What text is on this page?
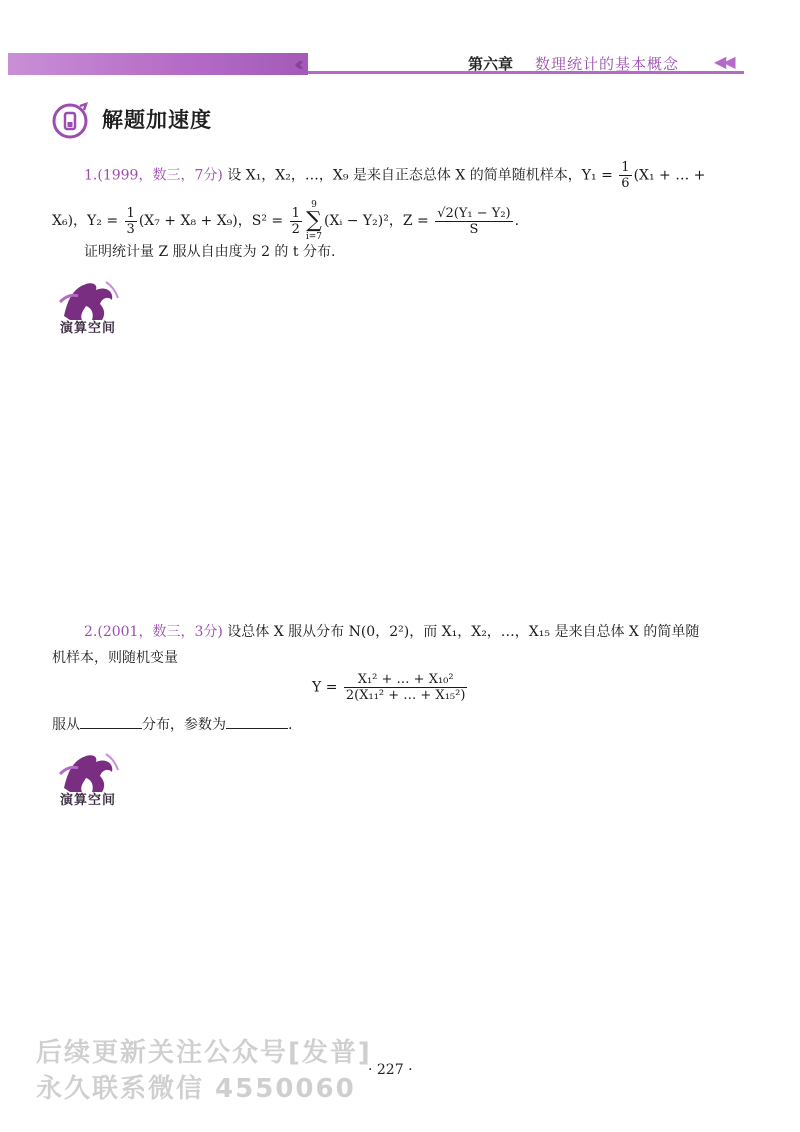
‹‹	第六章 数理统计的基本概念 ◀◀
解题加速度
1.(1999，数三，7分) 设 X₁，X₂，…，X₉ 是来自正态总体 X 的简单随机样本，$Y_1 = \frac{1}{6} (X_1$ + … +
X₆)，$Y_2 = \frac{1}{3} (X_7 + X_8 + X_9)$，$S^2 = \frac{1}{2}$
9
∑
i=7(Xᵢ − Y₂)²，$Z = \frac{\text{√2(Y₁ − Y₂)}}{S}$ .
证明统计量 Z 服从自由度为 2 的 t 分布.
演算空间
2.(2001，数三，3分) 设总体 X 服从分布 N(0，2²)，而 X₁，X₂，…，X₁₅ 是来自总体 X 的简单随
机样本，则随机变量
$Y = \frac{\text{X₁² + … + X₁₀²}}{\text{2(X₁₁² + … + X₁₅²)}}$
服从	分布，参数为	.
演算空间
后续更新关注公众号[发普]
永久联系微信 4550060
· 227 ·
